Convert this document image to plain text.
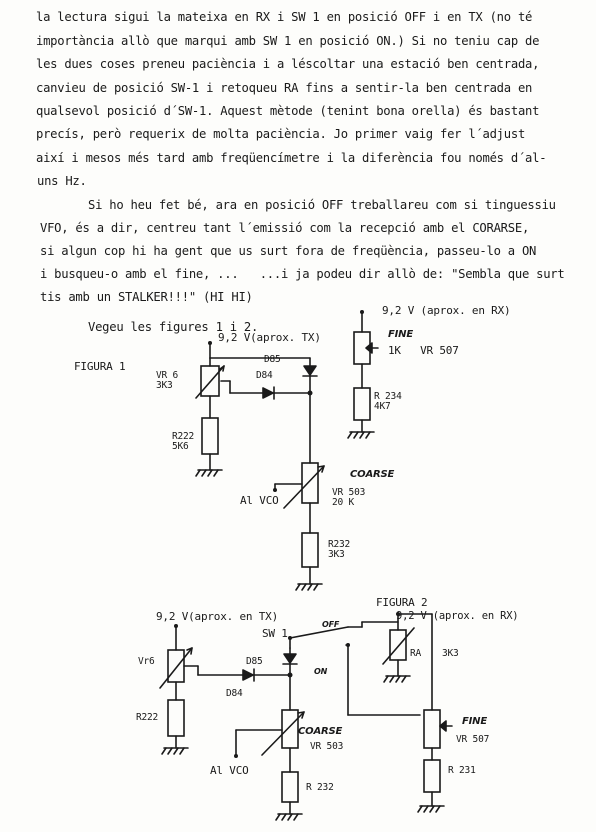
la lectura sigui la mateixa en RX i SW 1 en posició OFF i en TX (no té
importància allò que marqui amb SW 1 en posició ON.) Si no teniu cap de
les dues coses preneu paciència i a léscoltar una estació ben centrada,
canvieu de posició SW-1 i retoqueu RA fins a sentir-la ben centrada en
qualsevol posició d´SW-1. Aquest mètode (tenint bona orella) és bastant
precís, però requerix de molta paciència. Jo primer vaig fer l´adjust
així i mesos més tard amb freqüencímetre i la diferència fou només d´al-
uns Hz.
Si ho heu fet bé, ara en posició OFF treballareu com si tinguessiu
VFO, és a dir, centreu tant l´emissió com la recepció amb el CORARSE,
si algun cop hi ha gent que us surt fora de freqüència, passeu-lo a ON
i busqueu-o amb el fine, ...   ...i ja podeu dir allò de: "Sembla que surt
tis amb un STALKER!!!" (HI HI)
Vegeu les figures 1 i 2.
FIGURA 1
9,2 V(aprox. TX)
9,2 V (aprox. en RX)
FINE
1K   VR 507
R 234
4K7
VR 6
3K3
D85
D84
R222
5K6
COARSE
Al VCO
VR 503
20 K
R232
3K3
FIGURA 2
9,2 V (aprox. en RX)
9,2 V(aprox. en TX)
SW 1
OFF
ON
RA 3K3
Vr6	D85
D84
R222
COARSE
VR 503
FINE
VR 507
Al VCO
R 232
R 231
